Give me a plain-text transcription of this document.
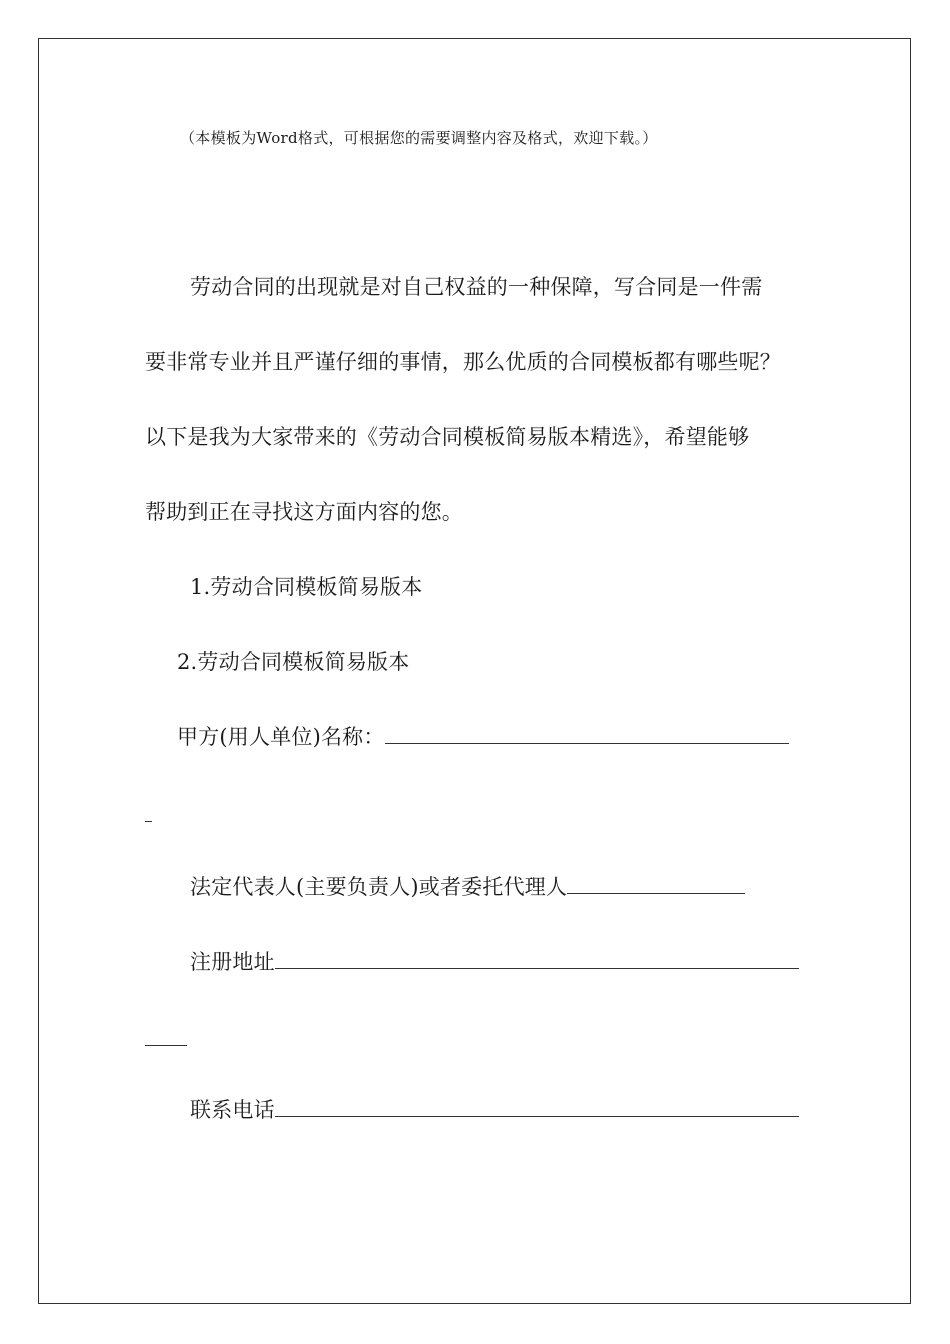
（本模板为Word格式，可根据您的需要调整内容及格式，欢迎下载。）
劳动合同的出现就是对自己权益的一种保障，写合同是一件需
要非常专业并且严谨仔细的事情，那么优质的合同模板都有哪些呢？
以下是我为大家带来的《劳动合同模板简易版本精选》，希望能够
帮助到正在寻找这方面内容的您。
1.劳动合同模板简易版本
2.劳动合同模板简易版本
甲方(用人单位)名称：
法定代表人(主要负责人)或者委托代理人
注册地址
联系电话
